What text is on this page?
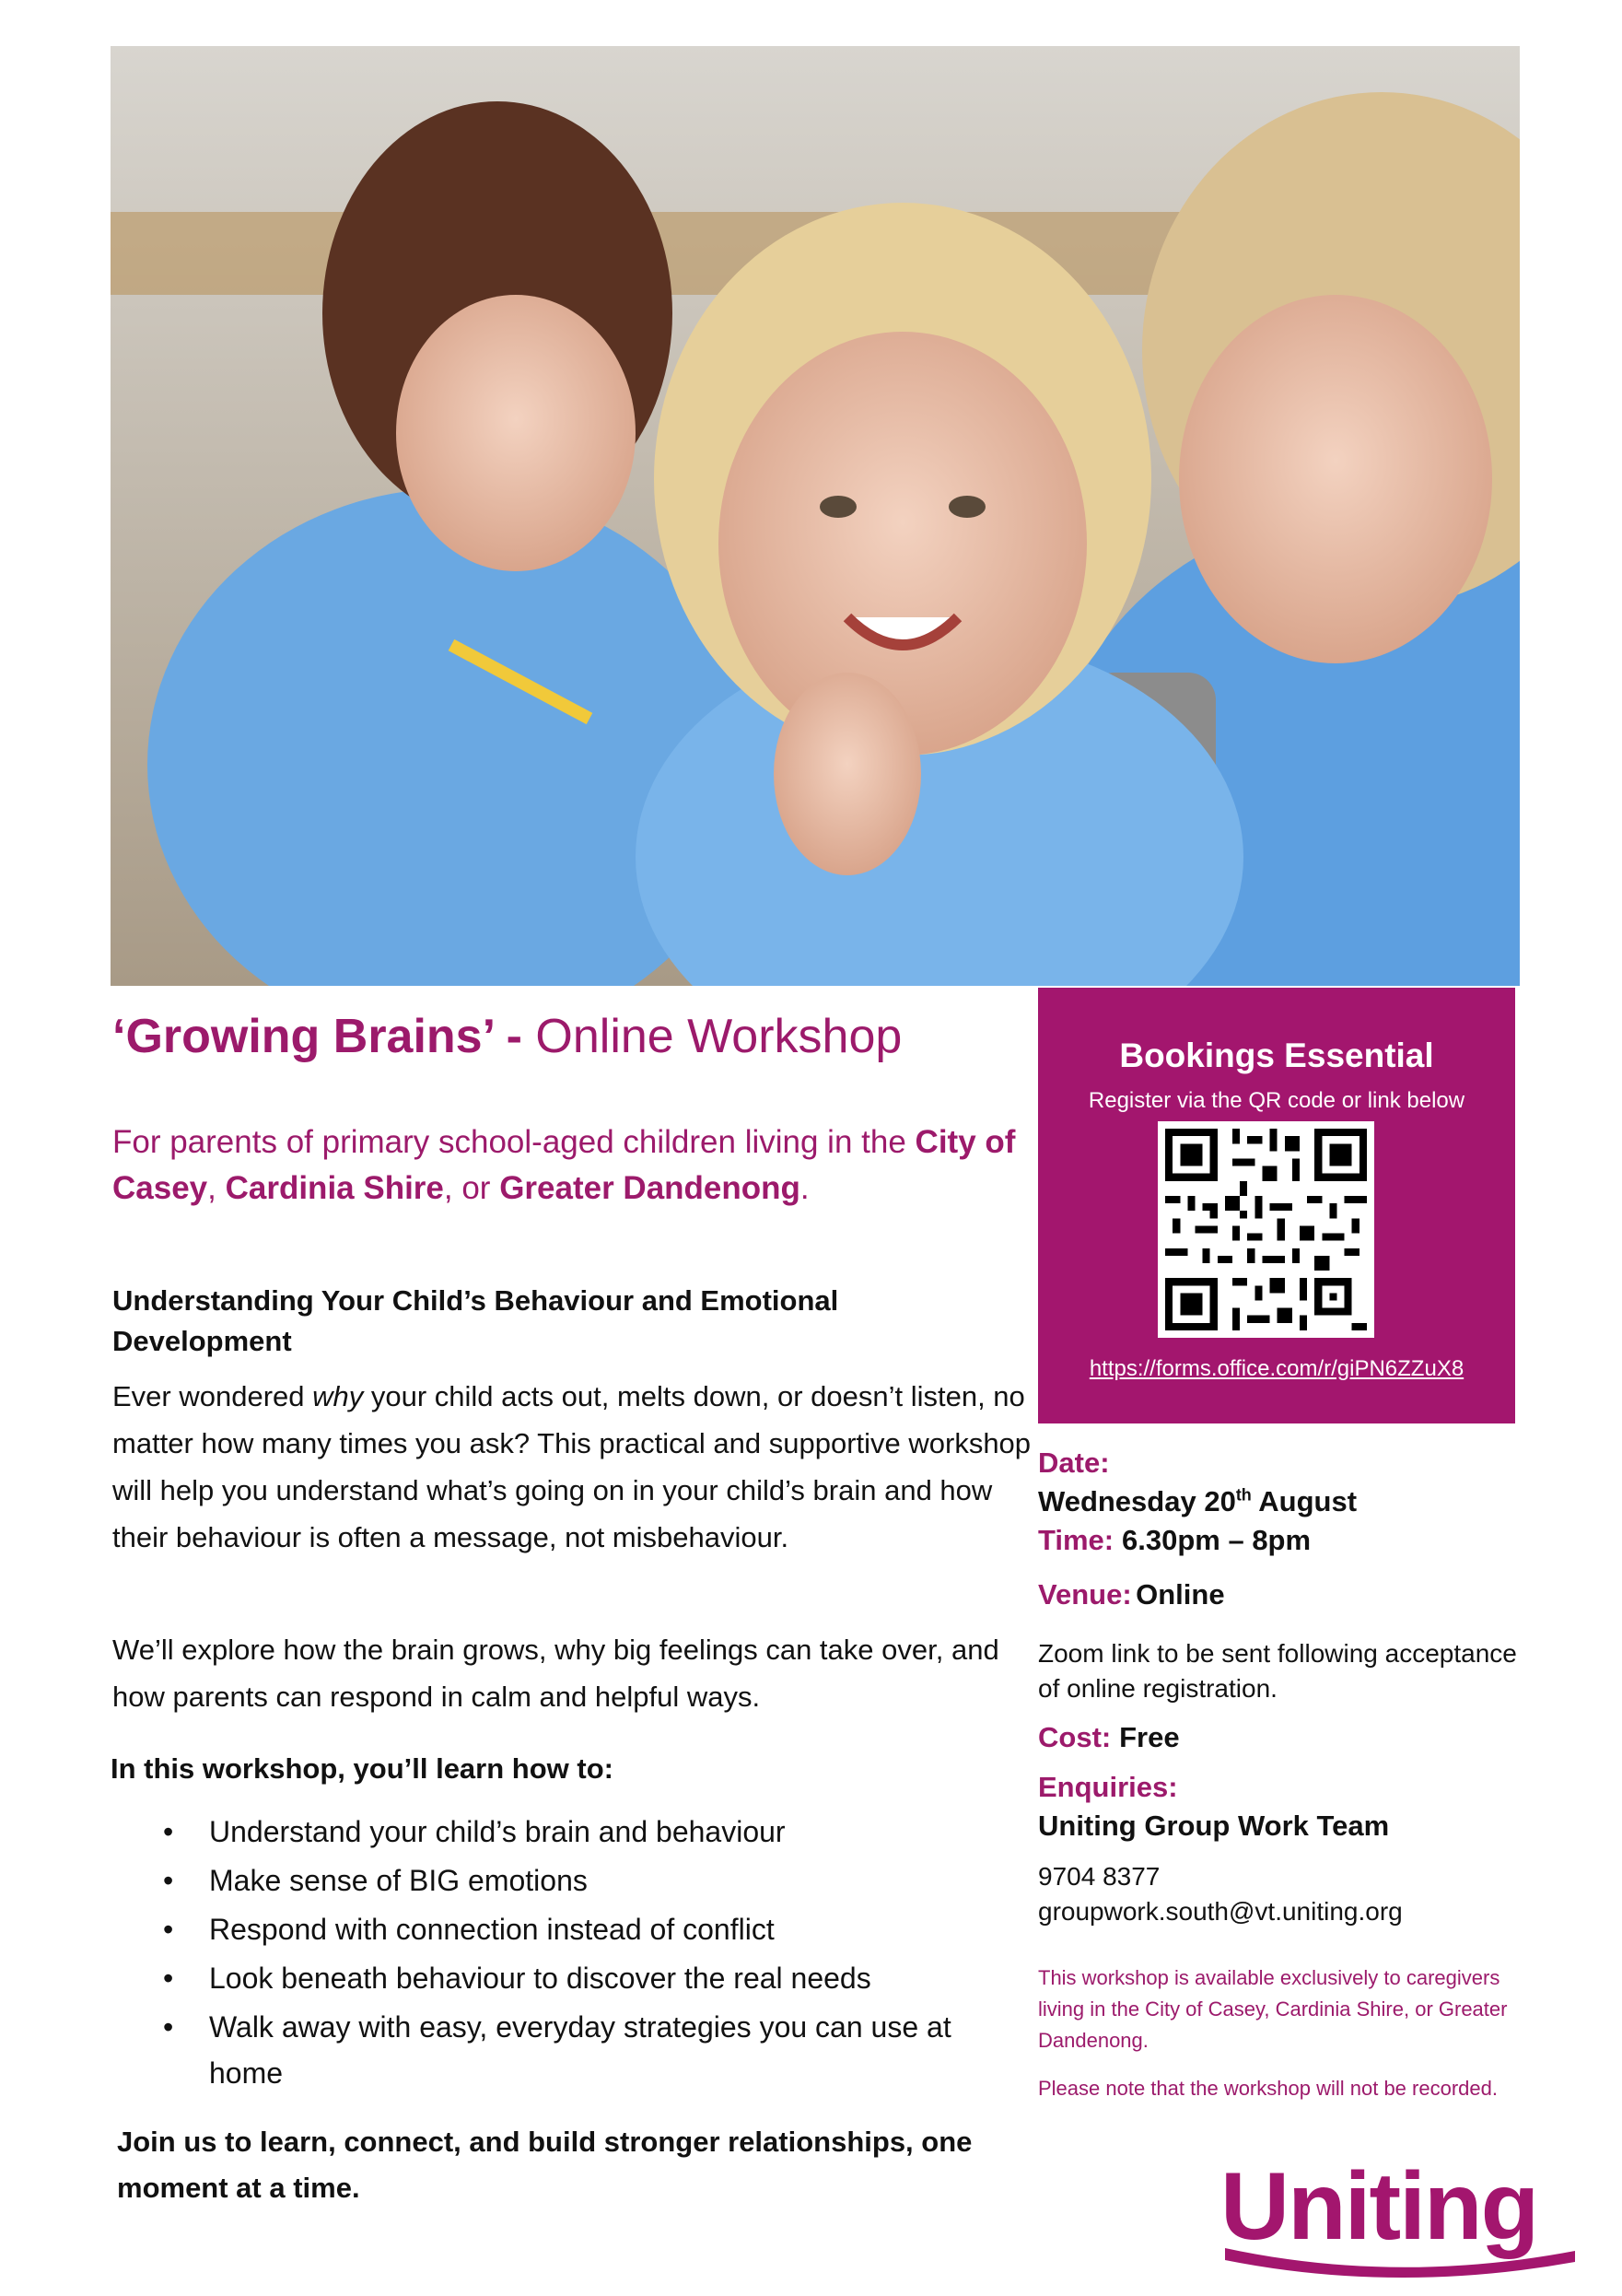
‘Growing Brains’ - Online Workshop
For parents of primary school-aged children living in the City of Casey, Cardinia Shire, or Greater Dandenong.
Understanding Your Child’s Behaviour and Emotional Development
Ever wondered why your child acts out, melts down, or doesn’t listen, no matter how many times you ask? This practical and supportive workshop will help you understand what’s going on in your child’s brain and how their behaviour is often a message, not misbehaviour.
We’ll explore how the brain grows, why big feelings can take over, and how parents can respond in calm and helpful ways.
In this workshop, you’ll learn how to:
• Understand your child’s brain and behaviour
• Make sense of BIG emotions
• Respond with connection instead of conflict
• Look beneath behaviour to discover the real needs
• Walk away with easy, everyday strategies you can use at home
Join us to learn, connect, and build stronger relationships, one moment at a time.
Bookings Essential
Register via the QR code or link below
https://forms.office.com/r/giPN6ZZuX8
Date:
Wednesday 20th August
Time: 6.30pm – 8pm
Venue: Online
Zoom link to be sent following acceptance of online registration.
Cost: Free
Enquiries:
Uniting Group Work Team
9704 8377
groupwork.south@vt.uniting.org
This workshop is available exclusively to caregivers living in the City of Casey, Cardinia Shire, or Greater Dandenong.
Please note that the workshop will not be recorded.
Uniting
